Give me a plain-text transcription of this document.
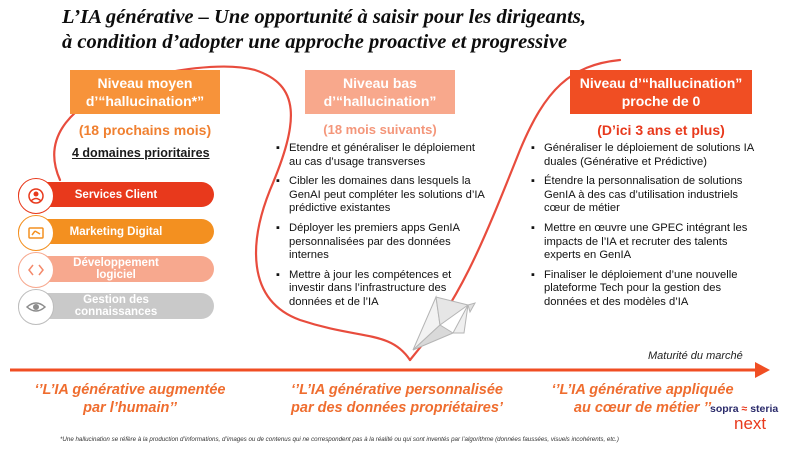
L’IA générative – Une opportunité à saisir pour les dirigeants,
à condition d’adopter une approche proactive et progressive
Niveau moyen
d’“hallucination*”
(18 prochains mois)
Niveau bas
d’“hallucination”
(18 mois suivants)
Niveau d’“hallucination”
proche de 0
(D’ici 3 ans et plus)
4 domaines prioritaires
Services Client
Marketing Digital
Développement logiciel
Gestion des connaissances
▪ Etendre et généraliser le déploiement au cas d’usage transverses
▪ Cibler les domaines dans lesquels la GenAI peut compléter les solutions d’IA prédictive existantes
▪ Déployer les premiers apps GenIA personnalisées par des données internes
▪ Mettre à jour les compétences et investir dans l’infrastructure des données et de l’IA
▪ Généraliser le déploiement de solutions IA duales (Générative et Prédictive)
▪ Étendre la personnalisation de solutions GenIA à des cas d’utilisation industriels cœur de métier
▪ Mettre en œuvre une GPEC intégrant les impacts de l’IA et recruter des talents experts en GenIA
▪ Finaliser le déploiement d’une nouvelle plateforme Tech pour la gestion des données et des modèles d’IA
Maturité du marché
‘’L’IA générative augmentée
par l’humain’’
‘’L’IA générative personnalisée
par des données propriétaires’
‘’L’IA générative appliquée
au cœur de métier ’’
sopra ≈ steria
next
*Une hallucination se réfère à la production d’informations, d’images ou de contenus qui ne correspondent pas à la réalité ou qui sont inventés par l’algorithme (données faussées, visuels incohérents, etc.)
